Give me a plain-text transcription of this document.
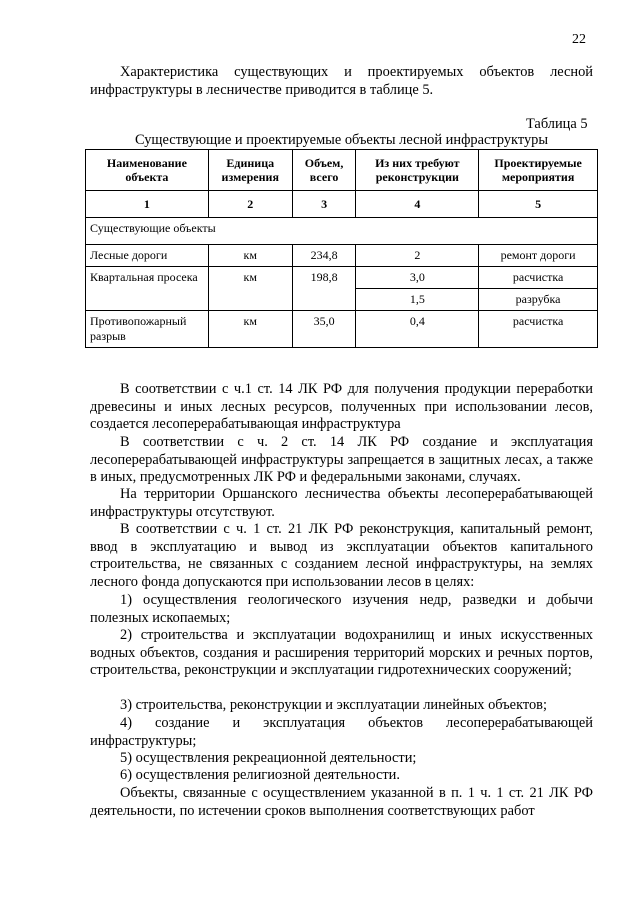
22
Характеристика существующих и проектируемых объектов лесной инфраструктуры в лесничестве приводится в таблице 5.
Таблица 5
Существующие и проектируемые объекты лесной инфраструктуры
Наименование объекта	Единица измерения	Объем, всего	Из них требуют реконструкции	Проектируемые мероприятия
1	2	3	4	5
Существующие объекты				
Лесные дороги	км	234,8	2	ремонт дороги
Квартальная просека	км	198,8	3,0	расчистка
			1,5	разрубка
Противопожарный разрыв	км	35,0	0,4	расчистка
В соответствии с ч.1 ст. 14 ЛК РФ для получения продукции переработки древесины и иных лесных ресурсов, полученных при использовании лесов, создается лесоперерабатывающая инфраструктура
В соответствии с ч. 2 ст. 14 ЛК РФ создание и эксплуатация лесоперерабатывающей инфраструктуры запрещается в защитных лесах, а также в иных, предусмотренных ЛК РФ и федеральными законами, случаях.
На территории Оршанского лесничества объекты лесоперерабатывающей инфраструктуры отсутствуют.
В соответствии с ч. 1 ст. 21 ЛК РФ реконструкция, капитальный ремонт, ввод в эксплуатацию и вывод из эксплуатации объектов капитального строительства, не связанных с созданием лесной инфраструктуры, на землях лесного фонда допускаются при использовании лесов в целях:
1) осуществления геологического изучения недр, разведки и добычи полезных ископаемых;
2) строительства и эксплуатации водохранилищ и иных искусственных водных объектов, создания и расширения территорий морских и речных портов, строительства, реконструкции и эксплуатации гидротехнических сооружений;
3) строительства, реконструкции и эксплуатации линейных объектов;
4) создание и эксплуатация объектов лесоперерабатывающей инфраструктуры;
5) осуществления рекреационной деятельности;
6) осуществления религиозной деятельности.
Объекты, связанные с осуществлением указанной в п. 1 ч. 1 ст. 21 ЛК РФ деятельности, по истечении сроков выполнения соответствующих работ
